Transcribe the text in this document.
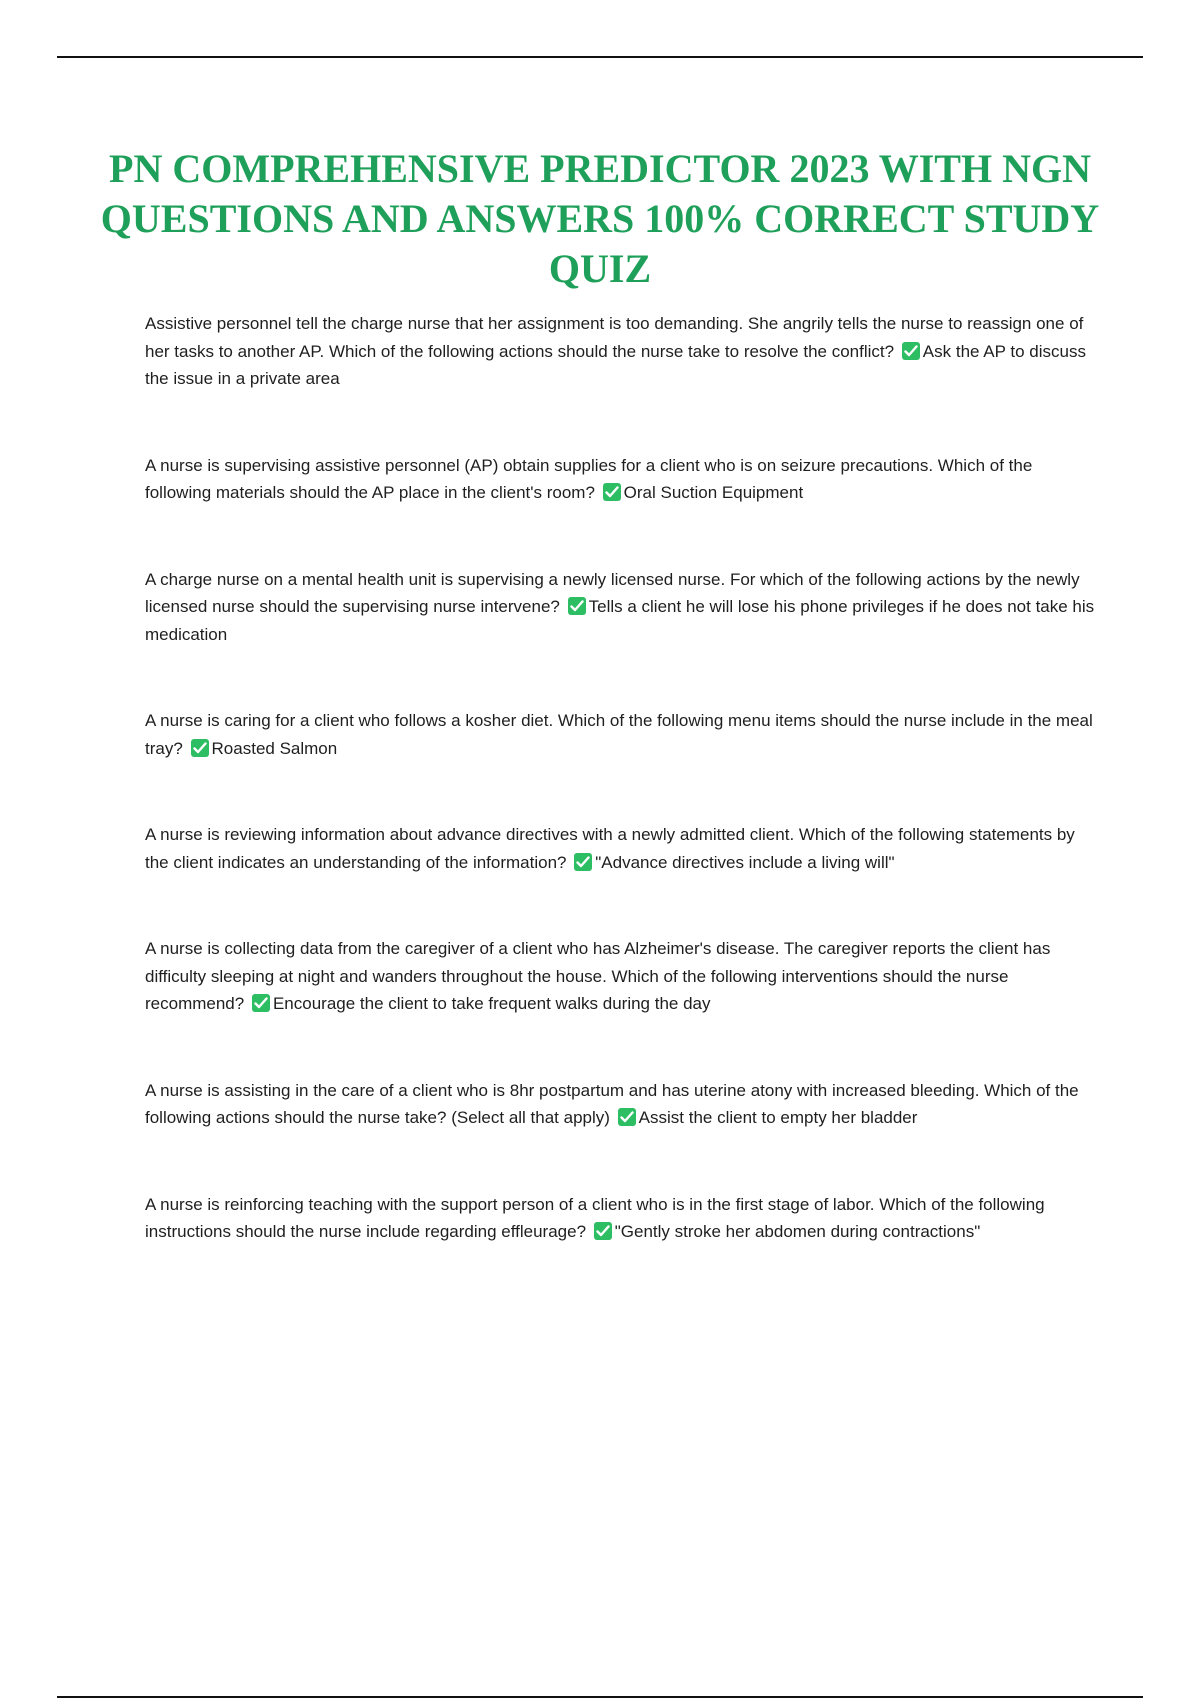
PN COMPREHENSIVE PREDICTOR 2023 WITH NGN QUESTIONS AND ANSWERS 100% CORRECT STUDY QUIZ

Assistive personnel tell the charge nurse that her assignment is too demanding. She angrily tells the nurse to reassign one of her tasks to another AP. Which of the following actions should the nurse take to resolve the conflict? Ask the AP to discuss the issue in a private area

A nurse is supervising assistive personnel (AP) obtain supplies for a client who is on seizure precautions. Which of the following materials should the AP place in the client's room? Oral Suction Equipment

A charge nurse on a mental health unit is supervising a newly licensed nurse. For which of the following actions by the newly licensed nurse should the supervising nurse intervene? Tells a client he will lose his phone privileges if he does not take his medication

A nurse is caring for a client who follows a kosher diet. Which of the following menu items should the nurse include in the meal tray? Roasted Salmon

A nurse is reviewing information about advance directives with a newly admitted client. Which of the following statements by the client indicates an understanding of the information? "Advance directives include a living will"

A nurse is collecting data from the caregiver of a client who has Alzheimer's disease. The caregiver reports the client has difficulty sleeping at night and wanders throughout the house. Which of the following interventions should the nurse recommend? Encourage the client to take frequent walks during the day

A nurse is assisting in the care of a client who is 8hr postpartum and has uterine atony with increased bleeding. Which of the following actions should the nurse take? (Select all that apply) Assist the client to empty her bladder

A nurse is reinforcing teaching with the support person of a client who is in the first stage of labor. Which of the following instructions should the nurse include regarding effleurage? "Gently stroke her abdomen during contractions"
